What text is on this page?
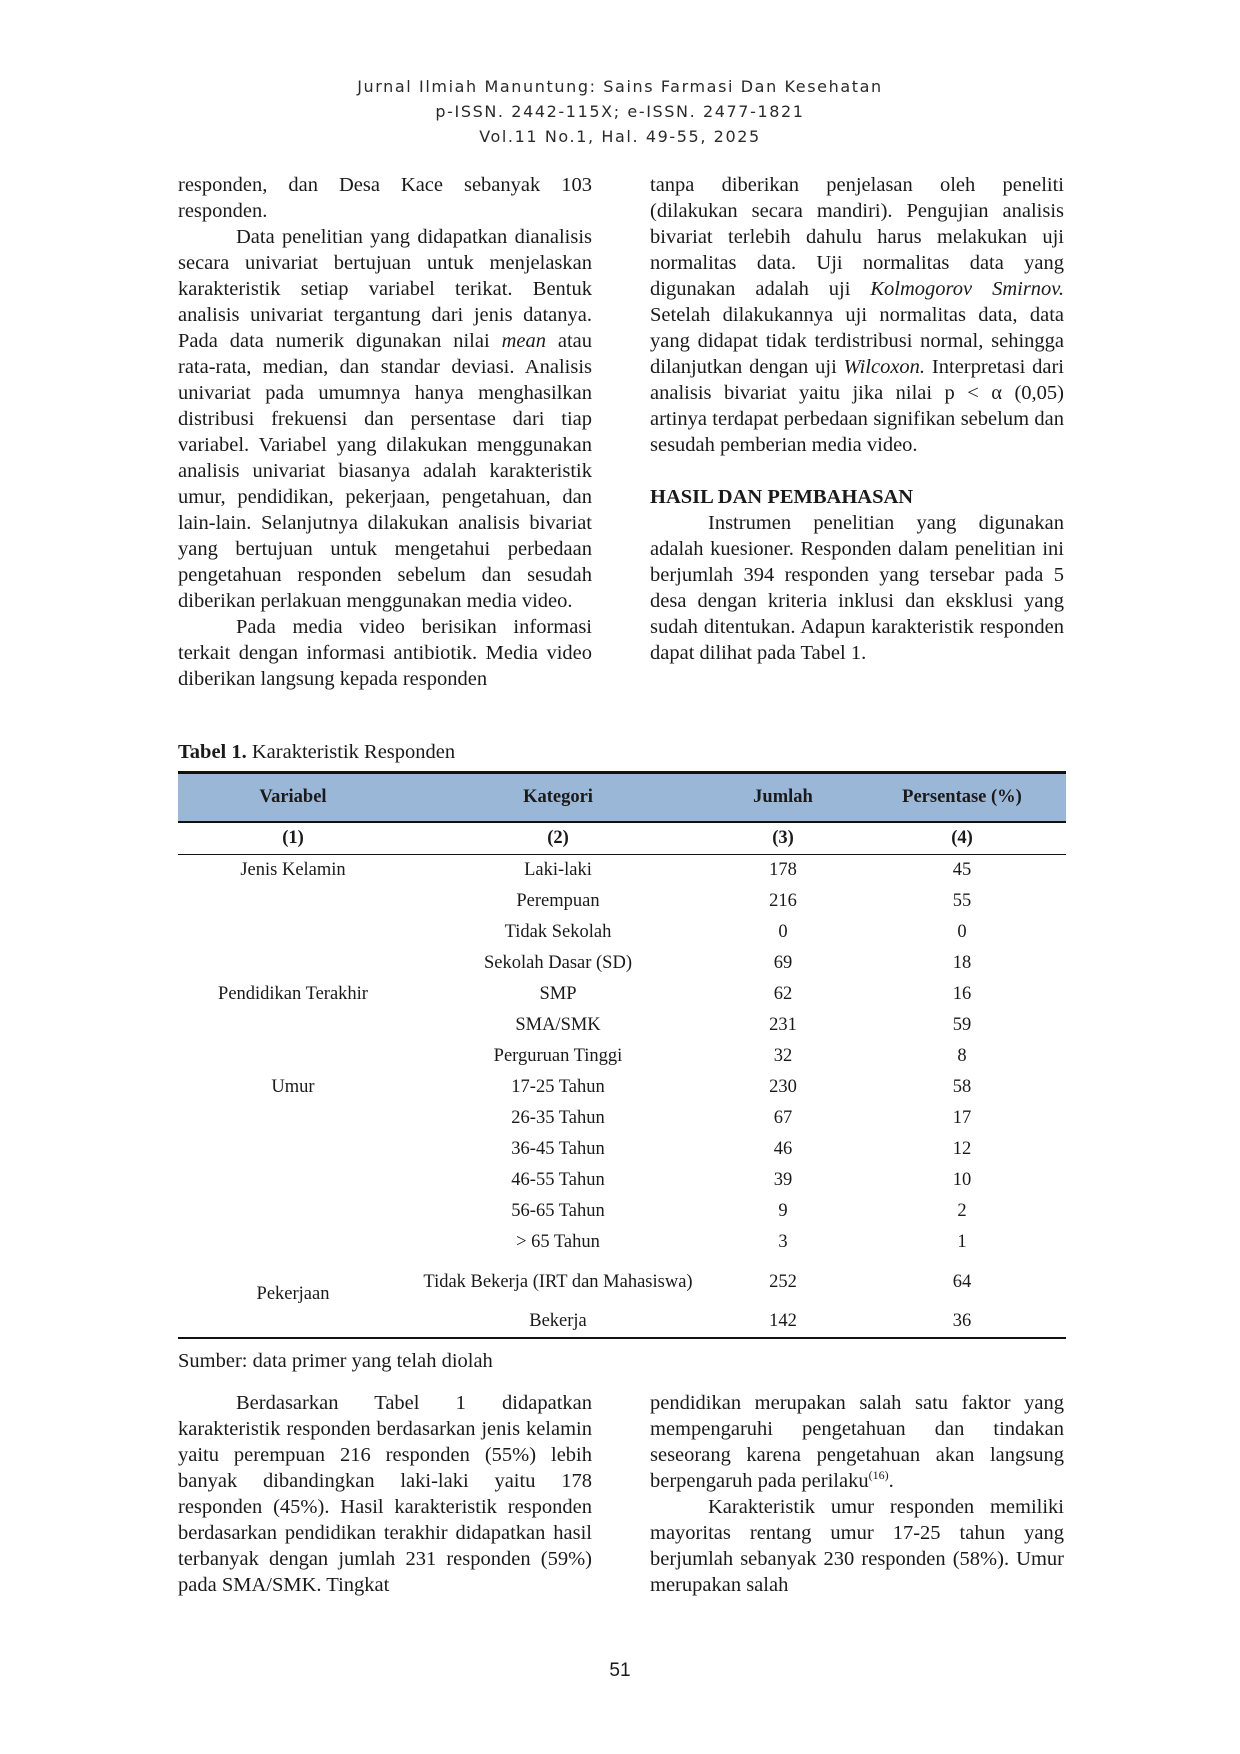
Jurnal Ilmiah Manuntung: Sains Farmasi Dan Kesehatan
p-ISSN. 2442-115X; e-ISSN. 2477-1821
Vol.11 No.1, Hal. 49-55, 2025

responden, dan Desa Kace sebanyak 103 responden.

Data penelitian yang didapatkan dianalisis secara univariat bertujuan untuk menjelaskan karakteristik setiap variabel terikat. Bentuk analisis univariat tergantung dari jenis datanya. Pada data numerik digunakan nilai mean atau rata-rata, median, dan standar deviasi. Analisis univariat pada umumnya hanya menghasilkan distribusi frekuensi dan persentase dari tiap variabel. Variabel yang dilakukan menggunakan analisis univariat biasanya adalah karakteristik umur, pendidikan, pekerjaan, pengetahuan, dan lain-lain. Selanjutnya dilakukan analisis bivariat yang bertujuan untuk mengetahui perbedaan pengetahuan responden sebelum dan sesudah diberikan perlakuan menggunakan media video.

Pada media video berisikan informasi terkait dengan informasi antibiotik. Media video diberikan langsung kepada responden

tanpa diberikan penjelasan oleh peneliti (dilakukan secara mandiri). Pengujian analisis bivariat terlebih dahulu harus melakukan uji normalitas data. Uji normalitas data yang digunakan adalah uji Kolmogorov Smirnov. Setelah dilakukannya uji normalitas data, data yang didapat tidak terdistribusi normal, sehingga dilanjutkan dengan uji Wilcoxon. Interpretasi dari analisis bivariat yaitu jika nilai p < α (0,05) artinya terdapat perbedaan signifikan sebelum dan sesudah pemberian media video.

HASIL DAN PEMBAHASAN

Instrumen penelitian yang digunakan adalah kuesioner. Responden dalam penelitian ini berjumlah 394 responden yang tersebar pada 5 desa dengan kriteria inklusi dan eksklusi yang sudah ditentukan. Adapun karakteristik responden dapat dilihat pada Tabel 1.

Tabel 1. Karakteristik Responden
Variabel	Kategori	Jumlah	Persentase (%)
(1)	(2)	(3)	(4)
Jenis Kelamin	Laki-laki	178	45
	Perempuan	216	55
	Tidak Sekolah	0	0
	Sekolah Dasar (SD)	69	18
Pendidikan Terakhir	SMP	62	16
	SMA/SMK	231	59
	Perguruan Tinggi	32	8
Umur	17-25 Tahun	230	58
	26-35 Tahun	67	17
	36-45 Tahun	46	12
	46-55 Tahun	39	10
	56-65 Tahun	9	2
	> 65 Tahun	3	1
Pekerjaan	Tidak Bekerja (IRT dan Mahasiswa)	252	64
	Bekerja	142	36
Sumber: data primer yang telah diolah

Berdasarkan Tabel 1 didapatkan karakteristik responden berdasarkan jenis kelamin yaitu perempuan 216 responden (55%) lebih banyak dibandingkan laki-laki yaitu 178 responden (45%). Hasil karakteristik responden berdasarkan pendidikan terakhir didapatkan hasil terbanyak dengan jumlah 231 responden (59%) pada SMA/SMK. Tingkat

pendidikan merupakan salah satu faktor yang mempengaruhi pengetahuan dan tindakan seseorang karena pengetahuan akan langsung berpengaruh pada perilaku$^{(16)}$.

Karakteristik umur responden memiliki mayoritas rentang umur 17-25 tahun yang berjumlah sebanyak 230 responden (58%). Umur merupakan salah

51
